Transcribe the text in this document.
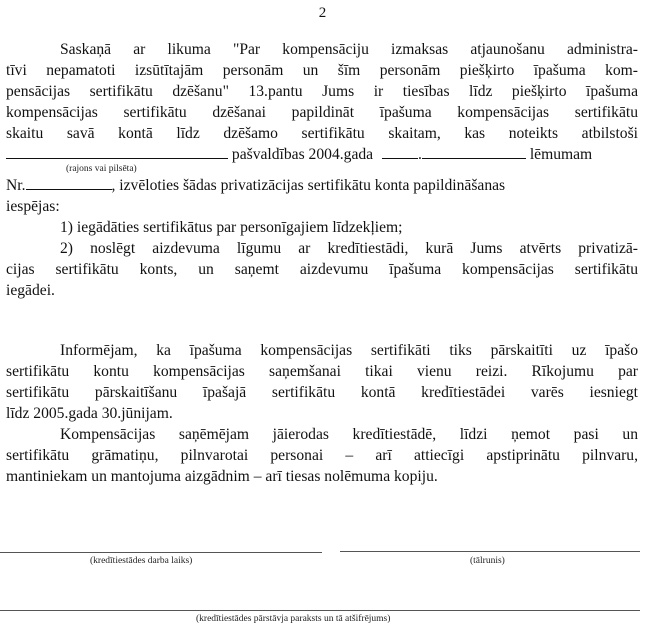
2
Saskaņā ar likuma "Par kompensāciju izmaksas atjaunošanu administra-
tīvi nepamatoti izsūtītajām personām un šīm personām piešķirto īpašuma kom-
pensācijas sertifikātu dzēšanu" 13.pantu Jums ir tiesības līdz piešķirto īpašuma
kompensācijas sertifikātu dzēšanai papildināt īpašuma kompensācijas sertifikātu
skaitu savā kontā līdz dzēšamo sertifikātu skaitam, kas noteikts atbilstoši
pašvaldības 2004.gada	.	lēmumam
(rajons vai pilsēta)
Nr.	, izvēloties šādas privatizācijas sertifikātu konta papildināšanas
iespējas:
1) iegādāties sertifikātus par personīgajiem līdzekļiem;
2) noslēgt aizdevuma līgumu ar kredītiestādi, kurā Jums atvērts privatizā-
cijas sertifikātu konts, un saņemt aizdevumu īpašuma kompensācijas sertifikātu
iegādei.
Informējam, ka īpašuma kompensācijas sertifikāti tiks pārskaitīti uz īpašo
sertifikātu kontu kompensācijas saņemšanai tikai vienu reizi. Rīkojumu par
sertifikātu pārskaitīšanu īpašajā sertifikātu kontā kredītiestādei varēs iesniegt
līdz 2005.gada 30.jūnijam.
Kompensācijas saņēmējam jāierodas kredītiestādē, līdzi ņemot pasi un
sertifikātu grāmatiņu, pilnvarotai personai – arī attiecīgi apstiprinātu pilnvaru,
mantiniekam un mantojuma aizgādnim – arī tiesas nolēmuma kopiju.
(kredītiestādes darba laiks)	(tālrunis)
(kredītiestādes pārstāvja paraksts un tā atšifrējums)
